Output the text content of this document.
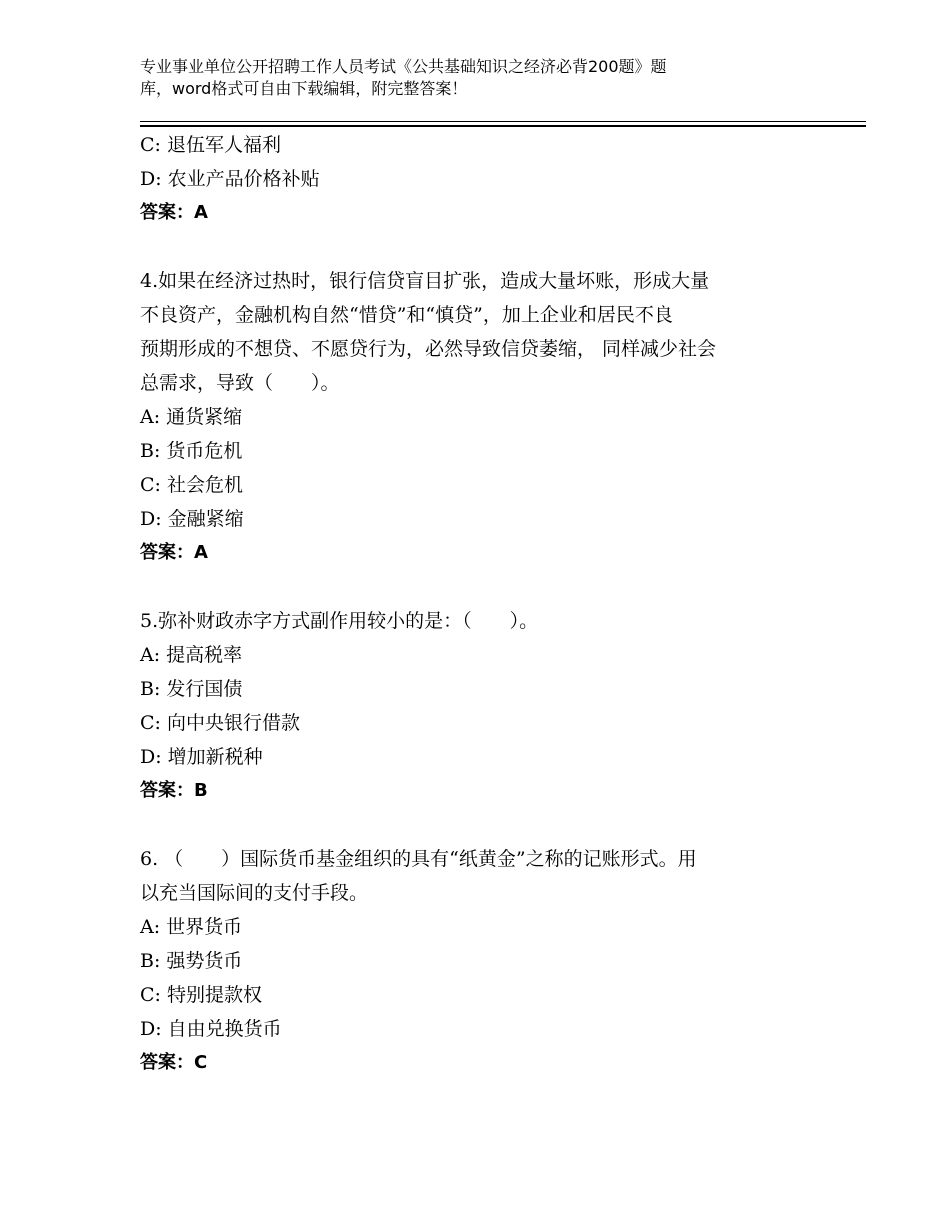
专业事业单位公开招聘工作人员考试《公共基础知识之经济必背200题》题
库，word格式可自由下载编辑，附完整答案！
C: 退伍军人福利
D: 农业产品价格补贴
答案：A
4.如果在经济过热时，银行信贷盲目扩张，造成大量坏账，形成大量
不良资产，金融机构自然“惜贷”和“慎贷”，加上企业和居民不良
预期形成的不想贷、不愿贷行为，必然导致信贷萎缩， 同样减少社会
总需求，导致（　　）。
A: 通货紧缩
B: 货币危机
C: 社会危机
D: 金融紧缩
答案：A
5.弥补财政赤字方式副作用较小的是：（　　）。
A: 提高税率
B: 发行国债
C: 向中央银行借款
D: 增加新税种
答案：B
6. （　　）国际货币基金组织的具有“纸黄金”之称的记账形式。用
以充当国际间的支付手段。
A: 世界货币
B: 强势货币
C: 特别提款权
D: 自由兑换货币
答案：C
